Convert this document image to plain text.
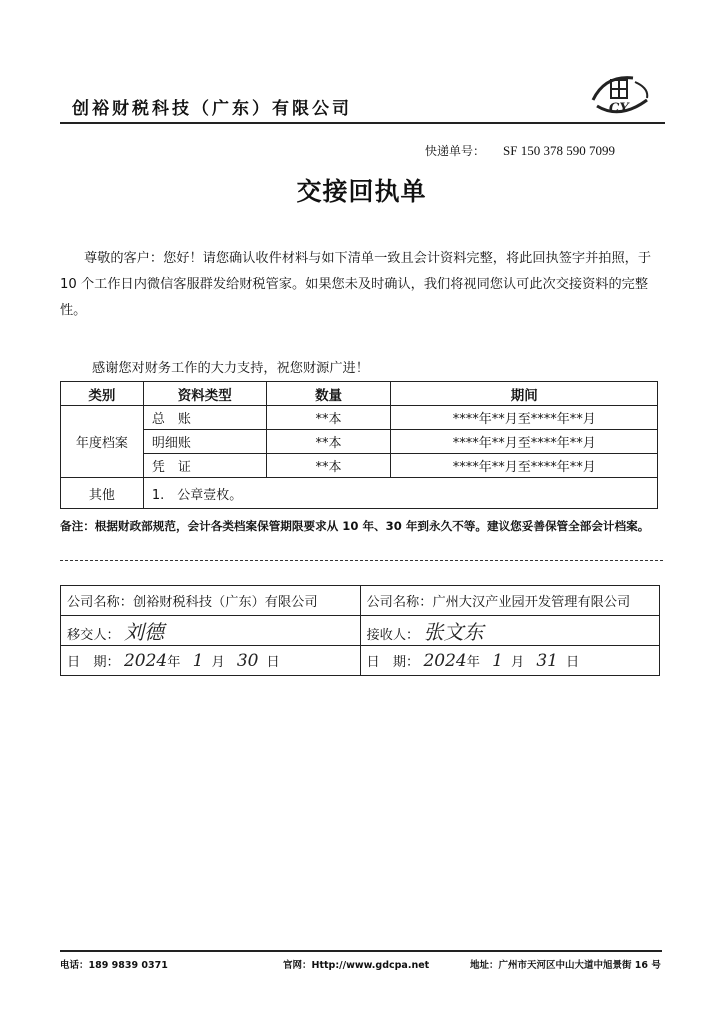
创裕财税科技（广东）有限公司	CY
快递单号： SF 150 378 590 7099
交接回执单
尊敬的客户：您好！请您确认收件材料与如下清单一致且会计资料完整，将此回执签字并拍照，于 10 个工作日内微信客服群发给财税管家。如果您未及时确认，我们将视同您认可此次交接资料的完整性。
感谢您对财务工作的大力支持，祝您财源广进！
类别	资料类型	数量	期间
年度档案	总　账	**本	****年**月至****年**月
	明细账	**本	****年**月至****年**月
	凭　证	**本	****年**月至****年**月
其他	1.　公章壹枚。		
备注：根据财政部规范，会计各类档案保管期限要求从 10 年、30 年到永久不等。建议您妥善保管全部会计档案。
公司名称：创裕财税科技（广东）有限公司	公司名称：广州大汉产业园开发管理有限公司
移交人： 刘德	接收人： 张文东
日　期： 2024年 1 月 30 日	日　期： 2024年 1 月 31 日
电话：189 9839 0371	官网：Http://www.gdcpa.net	地址：广州市天河区中山大道中旭景街 16 号
